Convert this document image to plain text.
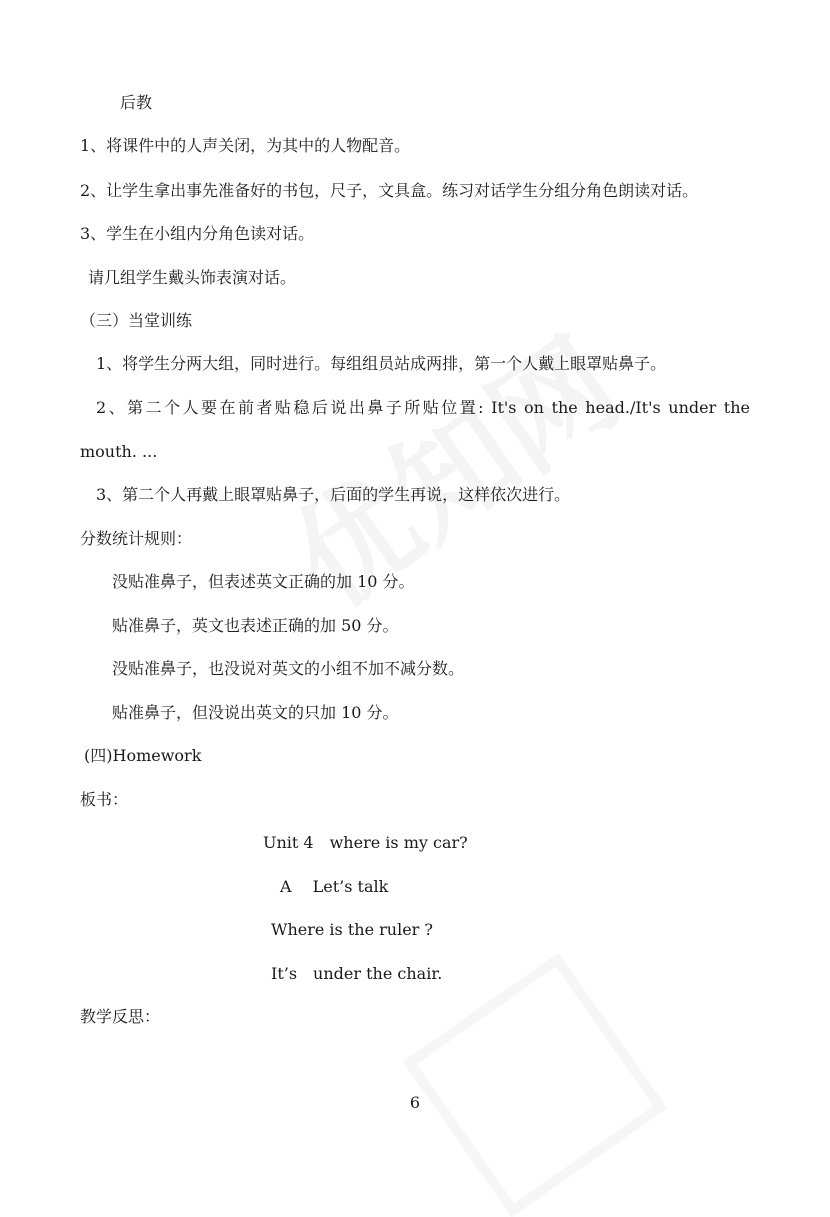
后教
1、将课件中的人声关闭，为其中的人物配音。
2、让学生拿出事先准备好的书包，尺子，文具盒。练习对话学生分组分角色朗读对话。
3、学生在小组内分角色读对话。
请几组学生戴头饰表演对话。
（三）当堂训练
1、将学生分两大组，同时进行。每组组员站成两排，第一个人戴上眼罩贴鼻子。
2、第二个人要在前者贴稳后说出鼻子所贴位置: It's on the head./It's under the
mouth. ...
3、第二个人再戴上眼罩贴鼻子，后面的学生再说，这样依次进行。
分数统计规则：
没贴准鼻子，但表述英文正确的加 10 分。
贴准鼻子，英文也表述正确的加 50 分。
没贴准鼻子，也没说对英文的小组不加不减分数。
贴准鼻子，但没说出英文的只加 10 分。
(四)Homework
板书：
Unit 4　where is my car?
A　 Let’s talk
Where is the ruler ?
It’s　under the chair.
教学反思：
6
